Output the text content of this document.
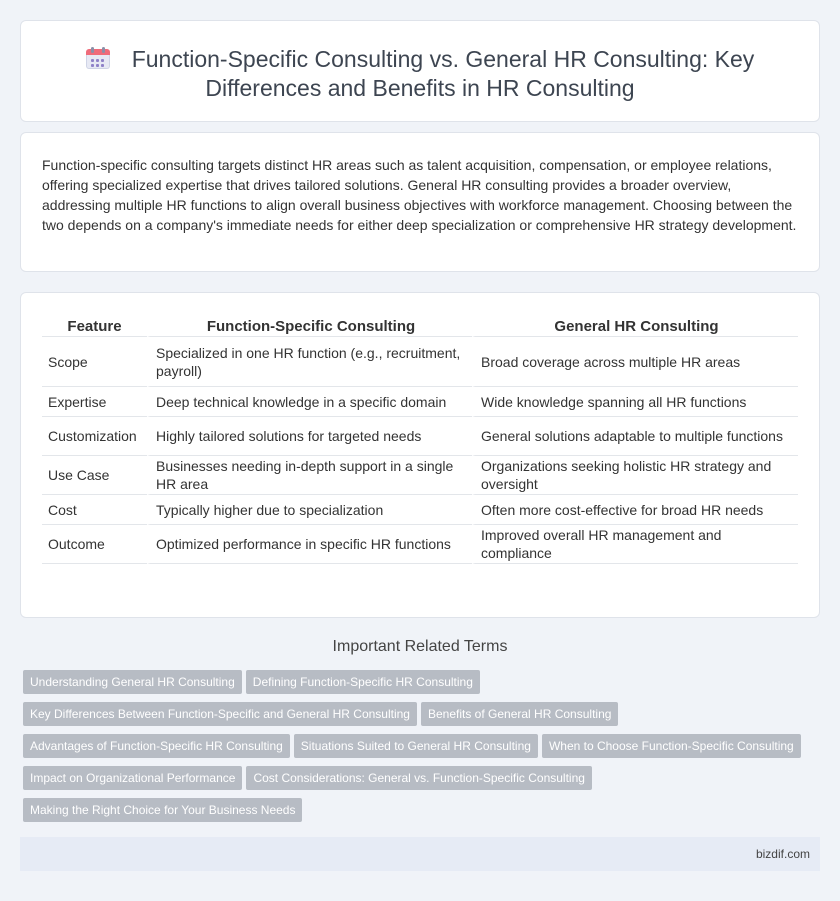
Function-Specific Consulting vs. General HR Consulting: Key Differences and Benefits in HR Consulting

Function-specific consulting targets distinct HR areas such as talent acquisition, compensation, or employee relations, offering specialized expertise that drives tailored solutions. General HR consulting provides a broader overview, addressing multiple HR functions to align overall business objectives with workforce management. Choosing between the two depends on a company's immediate needs for either deep specialization or comprehensive HR strategy development.

Feature	Function-Specific Consulting	General HR Consulting
Scope	Specialized in one HR function (e.g., recruitment, payroll)	Broad coverage across multiple HR areas
Expertise	Deep technical knowledge in a specific domain	Wide knowledge spanning all HR functions
Customization	Highly tailored solutions for targeted needs	General solutions adaptable to multiple functions
Use Case	Businesses needing in-depth support in a single HR area	Organizations seeking holistic HR strategy and oversight
Cost	Typically higher due to specialization	Often more cost-effective for broad HR needs
Outcome	Optimized performance in specific HR functions	Improved overall HR management and compliance
Important Related Terms
Understanding General HR Consulting Defining Function-Specific HR Consulting
Key Differences Between Function-Specific and General HR Consulting Benefits of General HR Consulting
Advantages of Function-Specific HR Consulting Situations Suited to General HR Consulting When to Choose Function-Specific Consulting
Impact on Organizational Performance Cost Considerations: General vs. Function-Specific Consulting
Making the Right Choice for Your Business Needs
bizdif.com
